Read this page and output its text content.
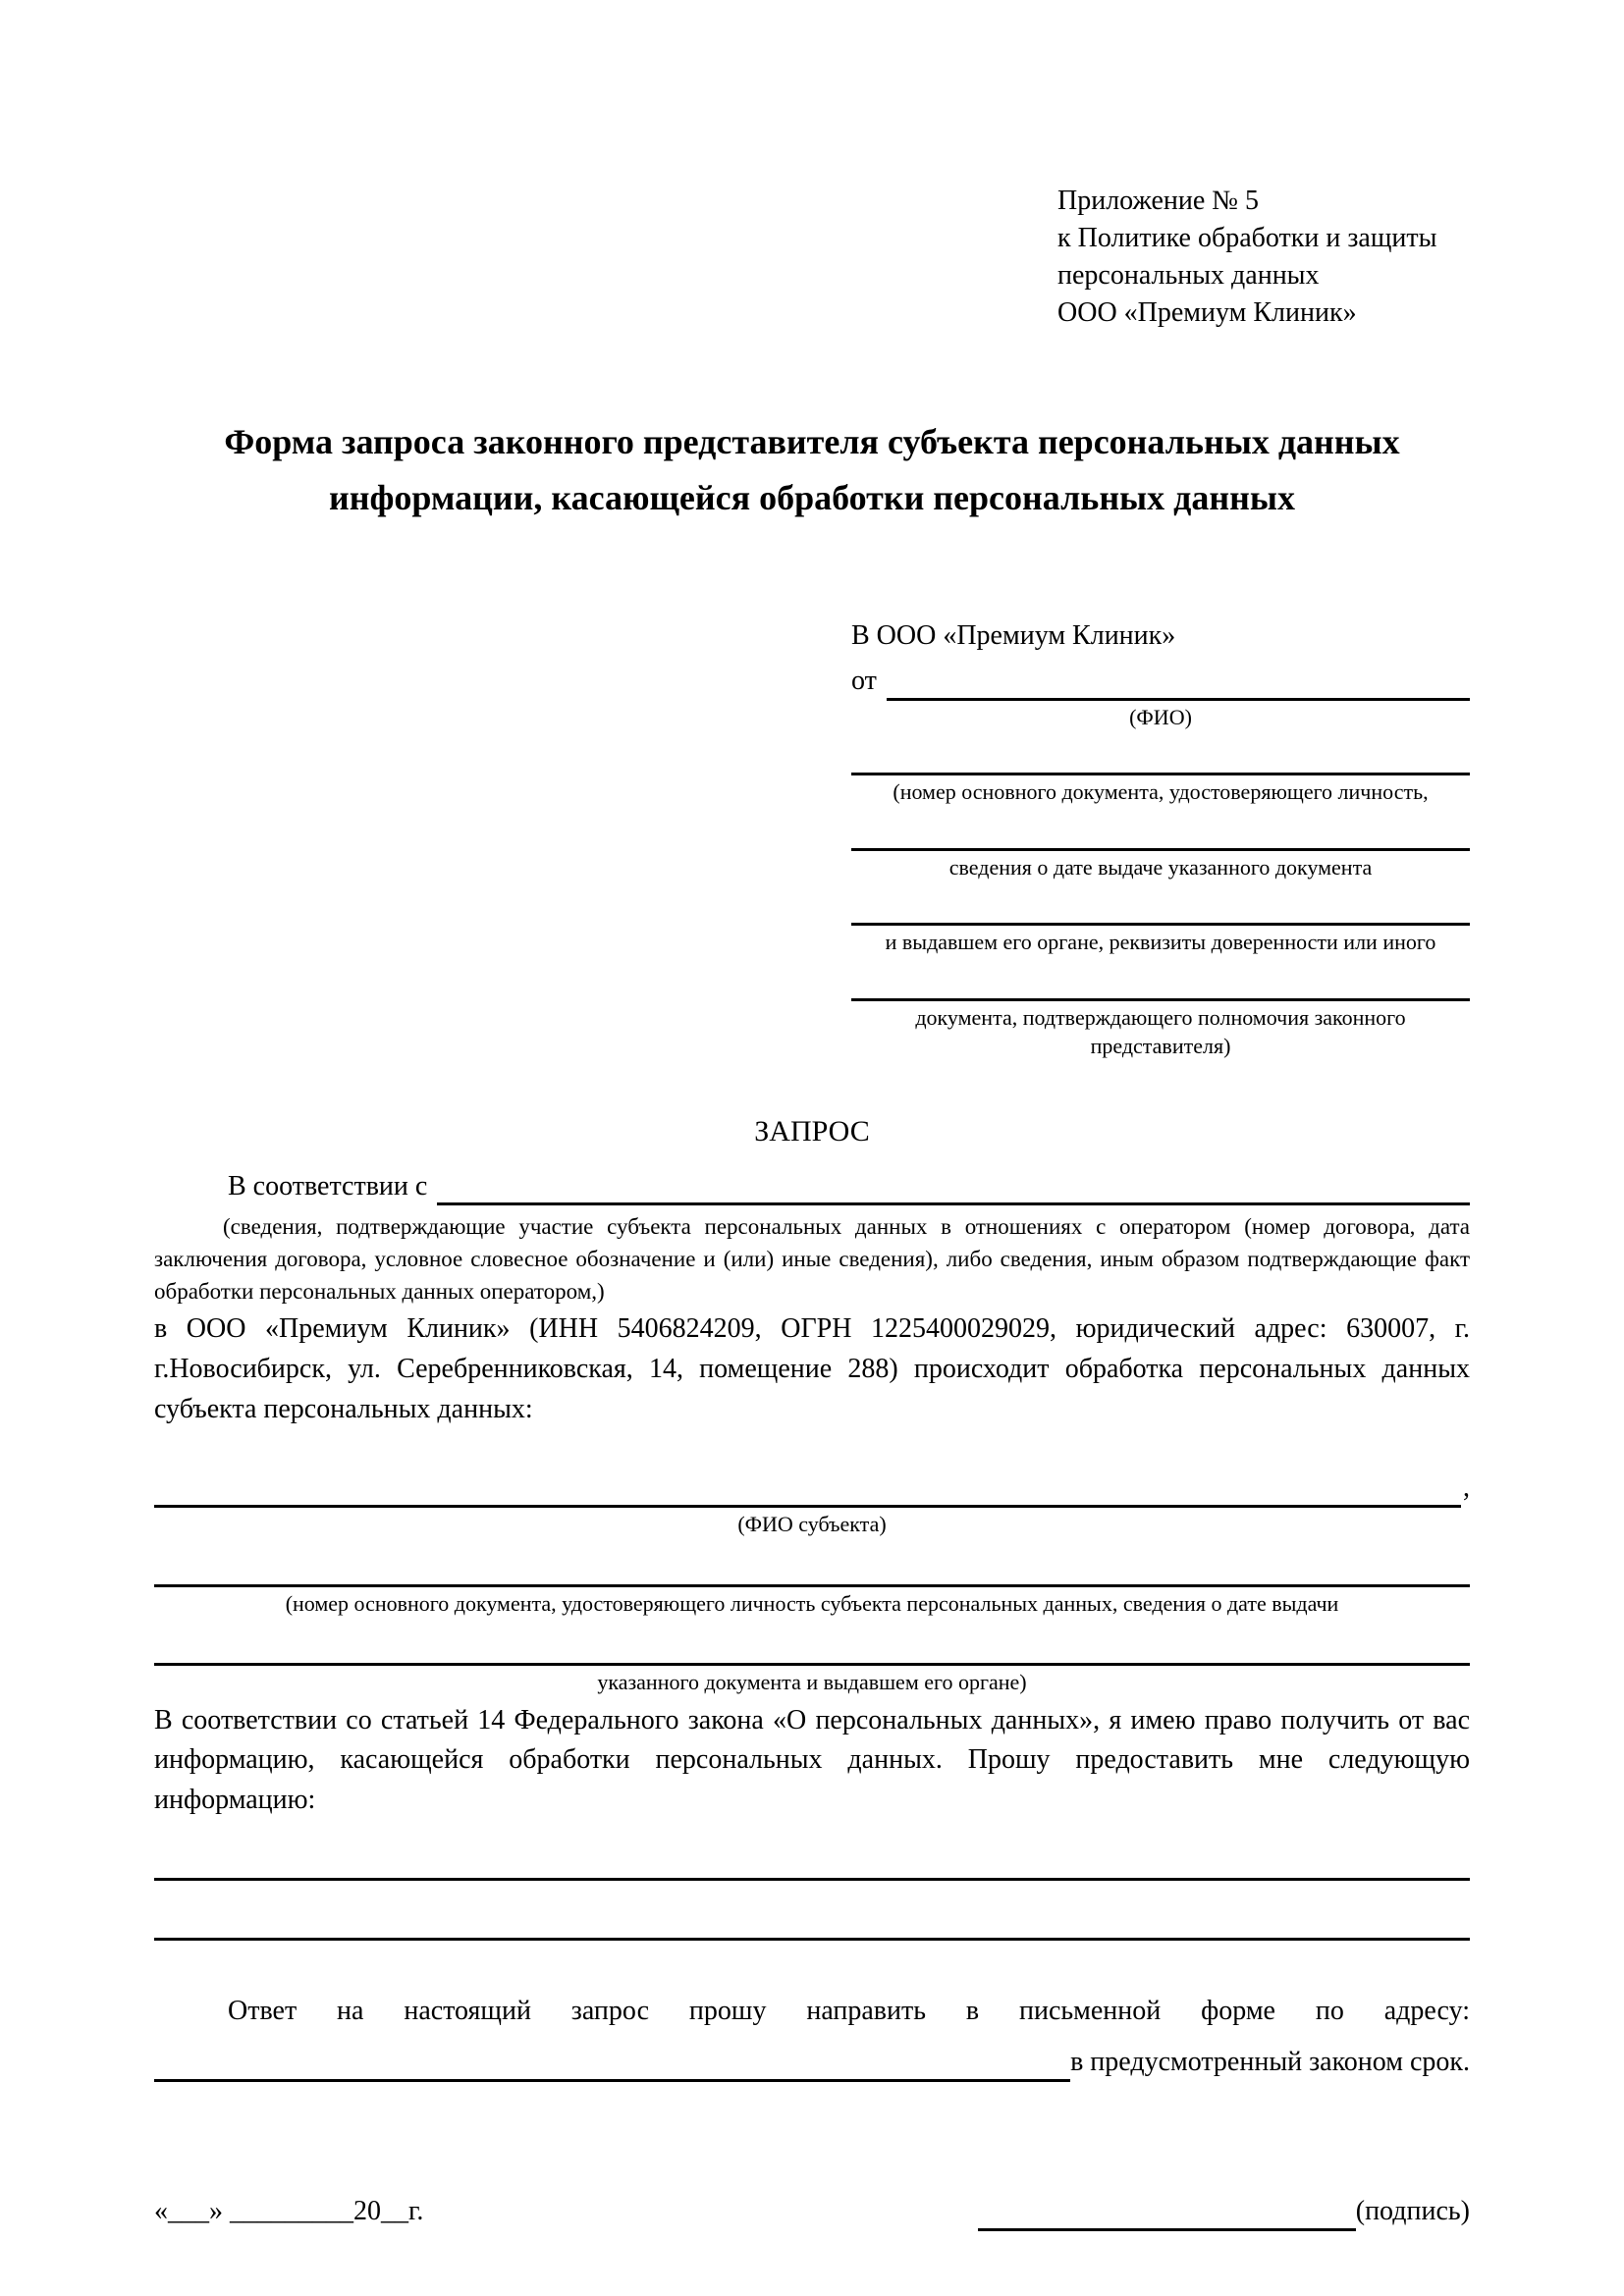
Приложение № 5
к Политике обработки и защиты
персональных данных
ООО «Премиум Клиник»
Форма запроса законного представителя субъекта персональных данных информации, касающейся обработки персональных данных
В ООО «Премиум Клиник»
от
(ФИО)
(номер основного документа, удостоверяющего личность,
сведения о дате выдаче указанного документа
и выдавшем его органе, реквизиты доверенности или иного
документа, подтверждающего полномочия законного представителя)
ЗАПРОС
В соответствии с

(сведения, подтверждающие участие субъекта персональных данных в отношениях с оператором (номер договора, дата заключения договора, условное словесное обозначение и (или) иные сведения), либо сведения, иным образом подтверждающие факт обработки персональных данных оператором,)

в ООО «Премиум Клиник» (ИНН 5406824209, ОГРН 1225400029029, юридический адрес: 630007, г. г.Новосибирск, ул. Серебренниковская, 14, помещение 288) происходит обработка персональных данных субъекта персональных данных:

,
(ФИО субъекта)
(номер основного документа, удостоверяющего личность субъекта персональных данных, сведения о дате выдачи
указанного документа и выдавшем его органе)

В соответствии со статьей 14 Федерального закона «О персональных данных», я имею право получить от вас информацию, касающейся обработки персональных данных. Прошу предоставить мне следующую информацию:

Ответ на настоящий запрос прошу направить в письменной форме по адресу:

в предусмотренный законом срок.
«___» _________20__г.	(подпись)
